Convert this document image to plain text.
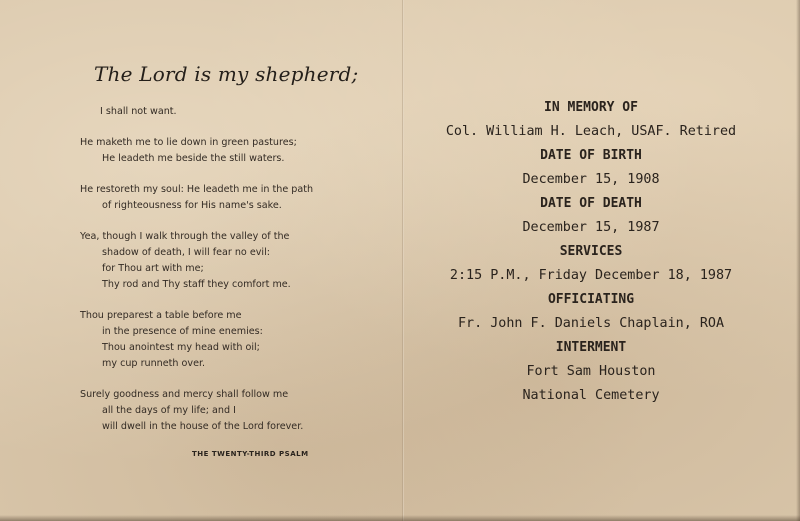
The Lord is my shepherd;
I shall not want.
He maketh me to lie down in green pastures;
He leadeth me beside the still waters.
He restoreth my soul: He leadeth me in the path
of righteousness for His name's sake.
Yea, though I walk through the valley of the
shadow of death, I will fear no evil:
for Thou art with me;
Thy rod and Thy staff they comfort me.
Thou preparest a table before me
in the presence of mine enemies:
Thou anointest my head with oil;
my cup runneth over.
Surely goodness and mercy shall follow me
all the days of my life; and I
will dwell in the house of the Lord forever.
THE TWENTY-THIRD PSALM
IN MEMORY OF
Col. William H. Leach, USAF. Retired
DATE OF BIRTH
December 15, 1908
DATE OF DEATH
December 15, 1987
SERVICES
2:15 P.M., Friday December 18, 1987
OFFICIATING
Fr. John F. Daniels Chaplain, ROA
INTERMENT
Fort Sam Houston
National Cemetery
